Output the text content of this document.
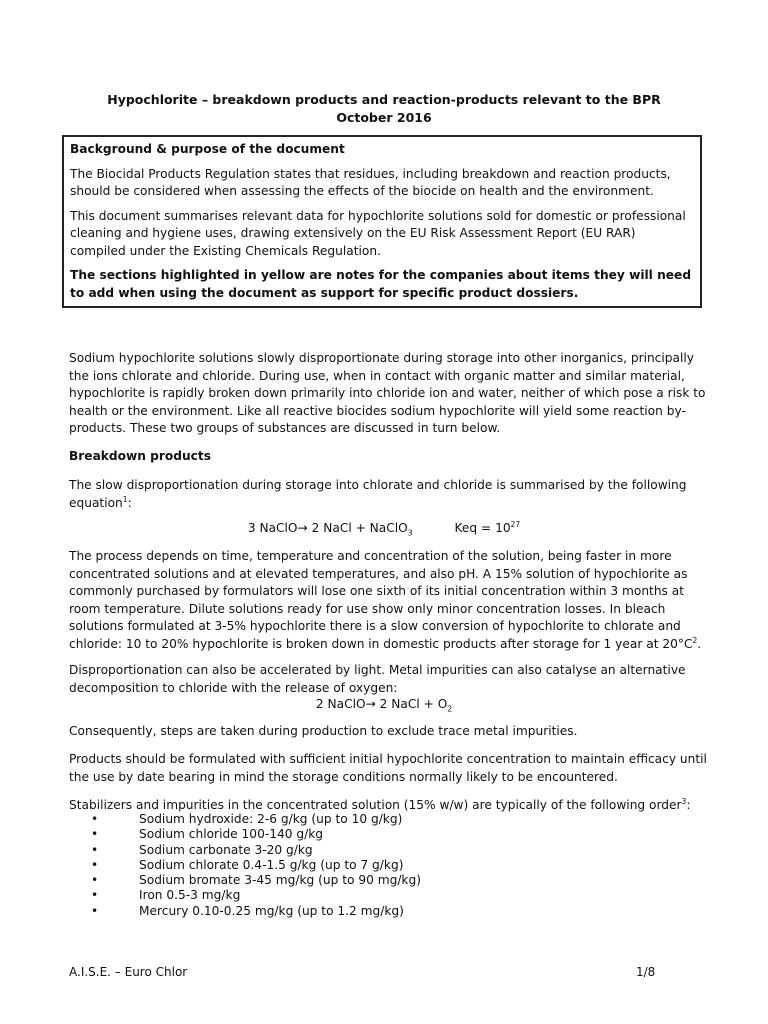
Hypochlorite – breakdown products and reaction-products relevant to the BPR
October 2016

Background & purpose of the document

The Biocidal Products Regulation states that residues, including breakdown and reaction products, should be considered when assessing the effects of the biocide on health and the environment.

This document summarises relevant data for hypochlorite solutions sold for domestic or professional cleaning and hygiene uses, drawing extensively on the EU Risk Assessment Report (EU RAR) compiled under the Existing Chemicals Regulation.

The sections highlighted in yellow are notes for the companies about items they will need to add when using the document as support for specific product dossiers.

Sodium hypochlorite solutions slowly disproportionate during storage into other inorganics, principally the ions chlorate and chloride. During use, when in contact with organic matter and similar material, hypochlorite is rapidly broken down primarily into chloride ion and water, neither of which pose a risk to health or the environment. Like all reactive biocides sodium hypochlorite will yield some reaction by-products. These two groups of substances are discussed in turn below.

Breakdown products

The slow disproportionation during storage into chlorate and chloride is summarised by the following equation$^1$:

3 NaClO→ 2 NaCl + NaClO$_3$	Keq = $10^{27}$

The process depends on time, temperature and concentration of the solution, being faster in more concentrated solutions and at elevated temperatures, and also pH. A 15% solution of hypochlorite as commonly purchased by formulators will lose one sixth of its initial concentration within 3 months at room temperature. Dilute solutions ready for use show only minor concentration losses. In bleach solutions formulated at 3-5% hypochlorite there is a slow conversion of hypochlorite to chlorate and chloride: 10 to 20% hypochlorite is broken down in domestic products after storage for 1 year at $20^\circ C^2$.

Disproportionation can also be accelerated by light. Metal impurities can also catalyse an alternative decomposition to chloride with the release of oxygen:

2 NaClO→ 2 NaCl + $O_2$

Consequently, steps are taken during production to exclude trace metal impurities.

Products should be formulated with sufficient initial hypochlorite concentration to maintain efficacy until the use by date bearing in mind the storage conditions normally likely to be encountered.

Stabilizers and impurities in the concentrated solution (15% w/w) are typically of the following order$^3$:

•	Sodium hydroxide: 2-6 g/kg (up to 10 g/kg)
•	Sodium chloride 100-140 g/kg
•	Sodium carbonate 3-20 g/kg
•	Sodium chlorate 0.4-1.5 g/kg (up to 7 g/kg)
•	Sodium bromate 3-45 mg/kg (up to 90 mg/kg)
•	Iron 0.5-3 mg/kg
•	Mercury 0.10-0.25 mg/kg (up to 1.2 mg/kg)
A.I.S.E. – Euro Chlor	1/8
